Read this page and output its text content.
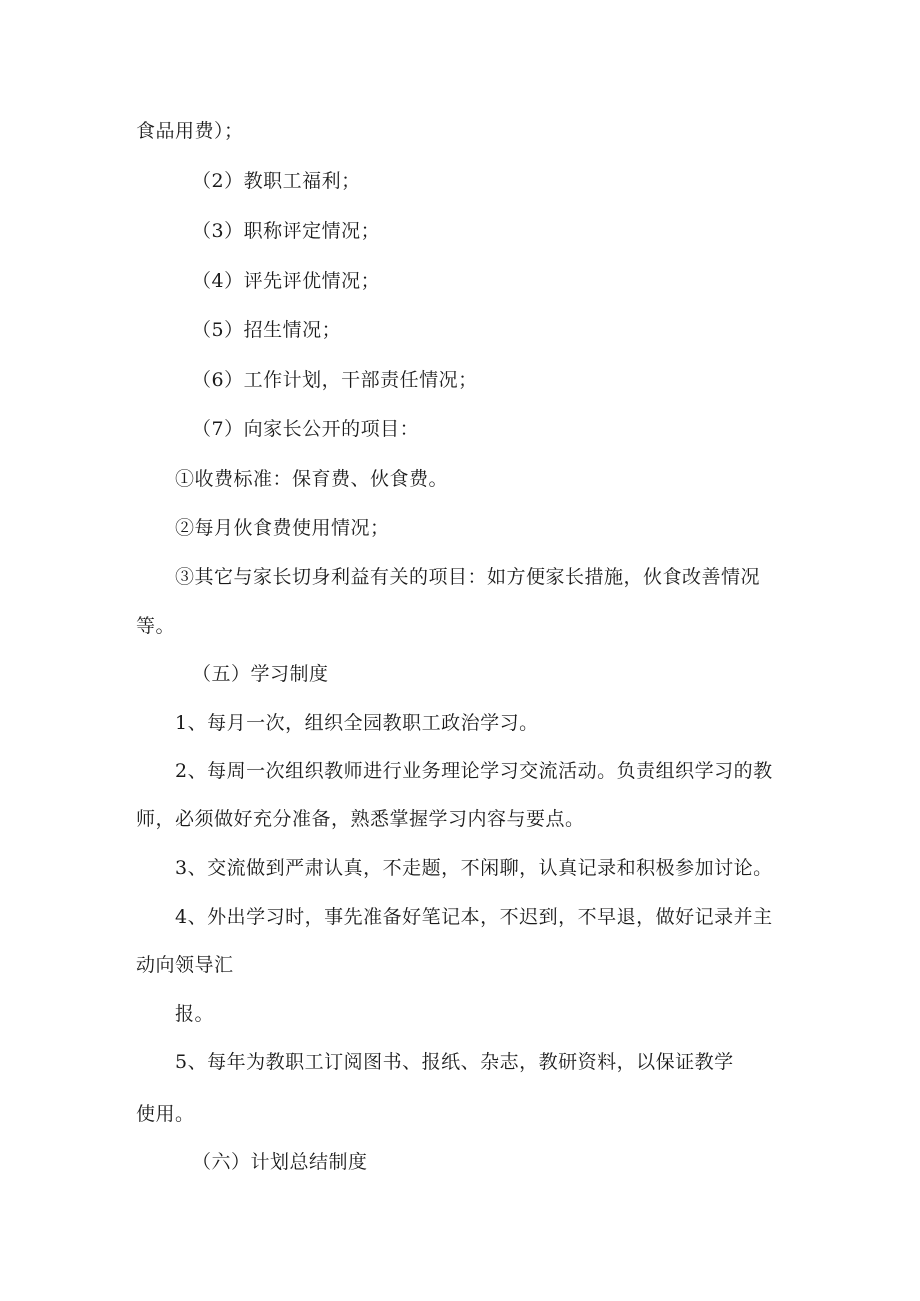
食品用费）；
（2）教职工福利；
（3）职称评定情况；
（4）评先评优情况；
（5）招生情况；
（6）工作计划，干部责任情况；
（7）向家长公开的项目：
①收费标准：保育费、伙食费。
②每月伙食费使用情况；
③其它与家长切身利益有关的项目：如方便家长措施，伙食改善情况
等。
（五）学习制度
1、每月一次，组织全园教职工政治学习。
2、每周一次组织教师进行业务理论学习交流活动。负责组织学习的教
师，必须做好充分准备，熟悉掌握学习内容与要点。
3、交流做到严肃认真，不走题，不闲聊，认真记录和积极参加讨论。
4、外出学习时，事先准备好笔记本，不迟到，不早退，做好记录并主
动向领导汇
报。
5、每年为教职工订阅图书、报纸、杂志，教研资料，以保证教学
使用。
（六）计划总结制度
